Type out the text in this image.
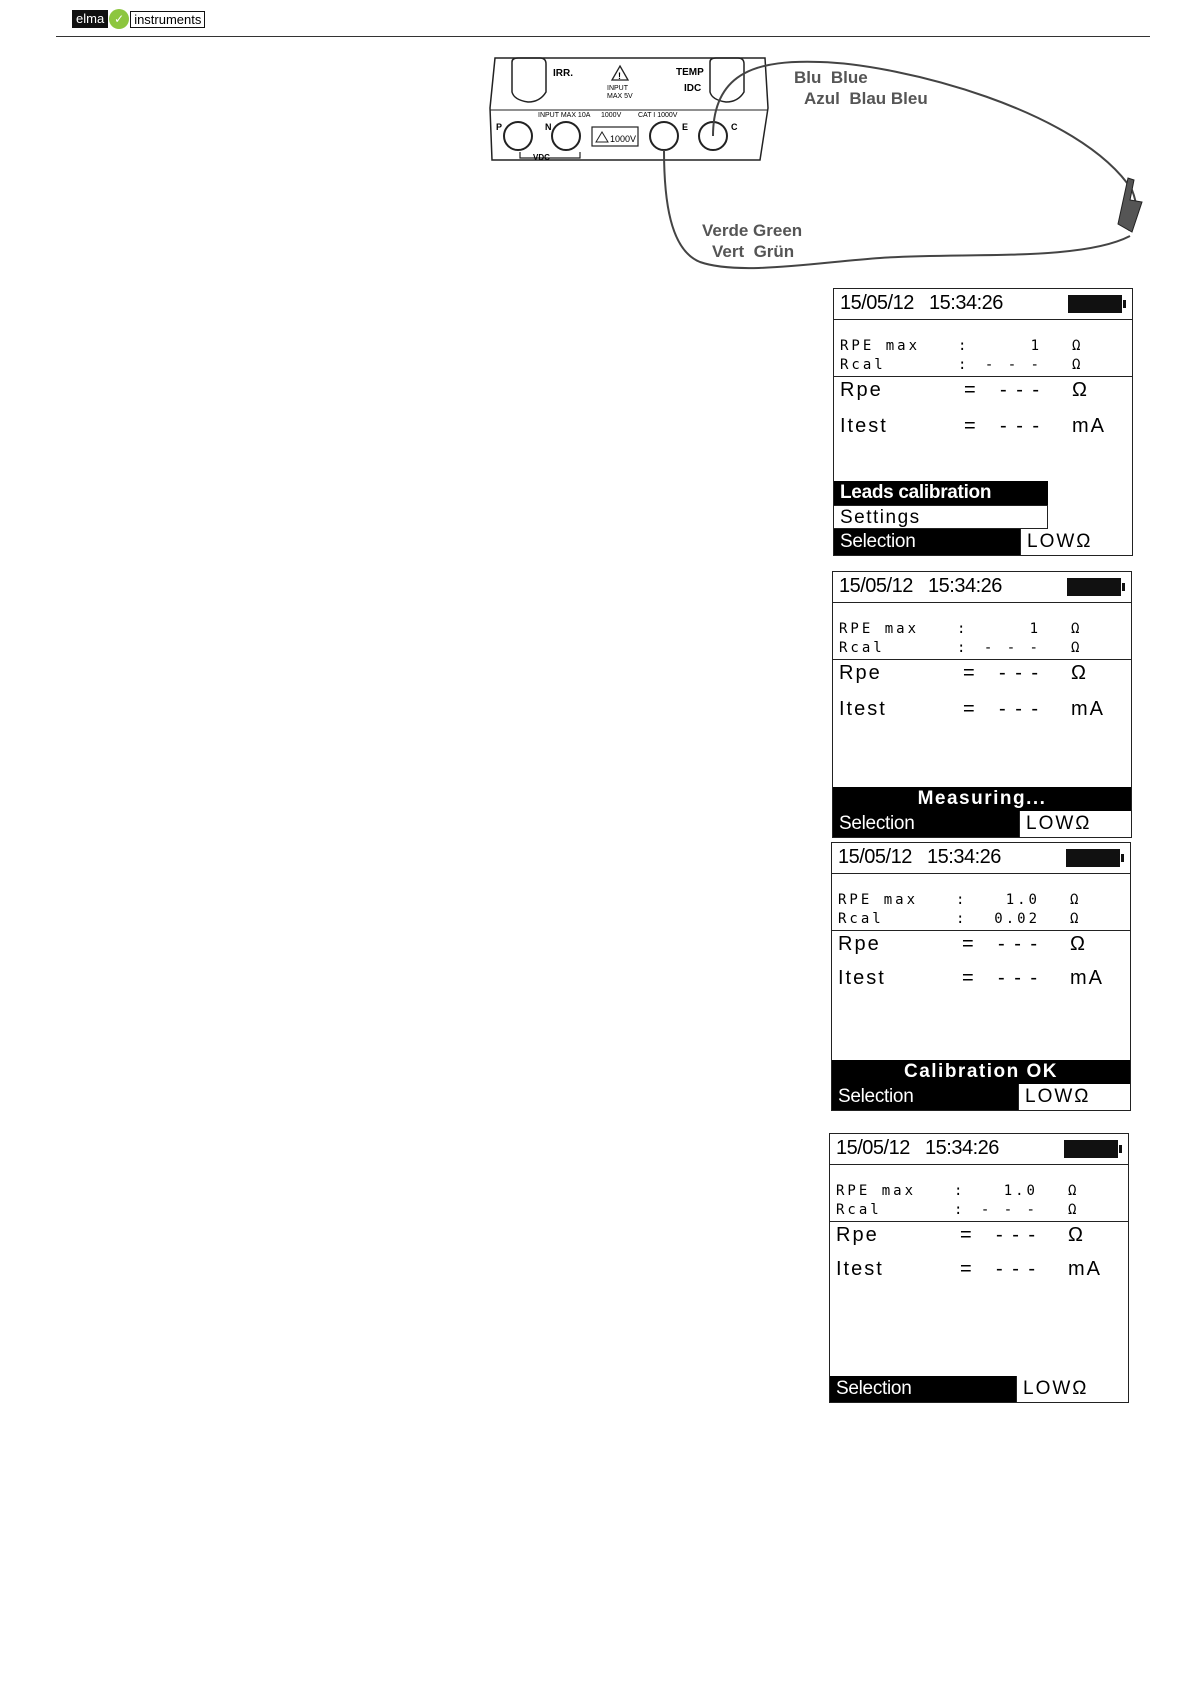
elma ✓ instruments
IRR.	!
INPUT
MAX 5V
TEMP
IDC
INPUT MAX 10A 1000V CAT I 1000V
P	N
1000V
E	C
VDC
Blu  Blue
Azul  Blau Bleu
Verde Green
Vert  Grün
15/05/12   15:34:26
RPE max	:	1 Ω
Rcal	: - - - Ω
Rpe	= - - - Ω
Itest	= - - - mA
Leads calibration
Settings
Selection	LOWΩ
15/05/12   15:34:26
RPE max	:	1 Ω
Rcal	: - - - Ω
Rpe	= - - - Ω
Itest	= - - - mA
Measuring...
Selection	LOWΩ
15/05/12   15:34:26
RPE max	:	1.0 Ω
Rcal	: 0.02 Ω
Rpe	= - - - Ω
Itest	= - - - mA
Calibration OK
Selection	LOWΩ
15/05/12   15:34:26
RPE max	:	1.0 Ω
Rcal	: - - - Ω
Rpe	= - - - Ω
Itest	= - - - mA
Selection	LOWΩ
